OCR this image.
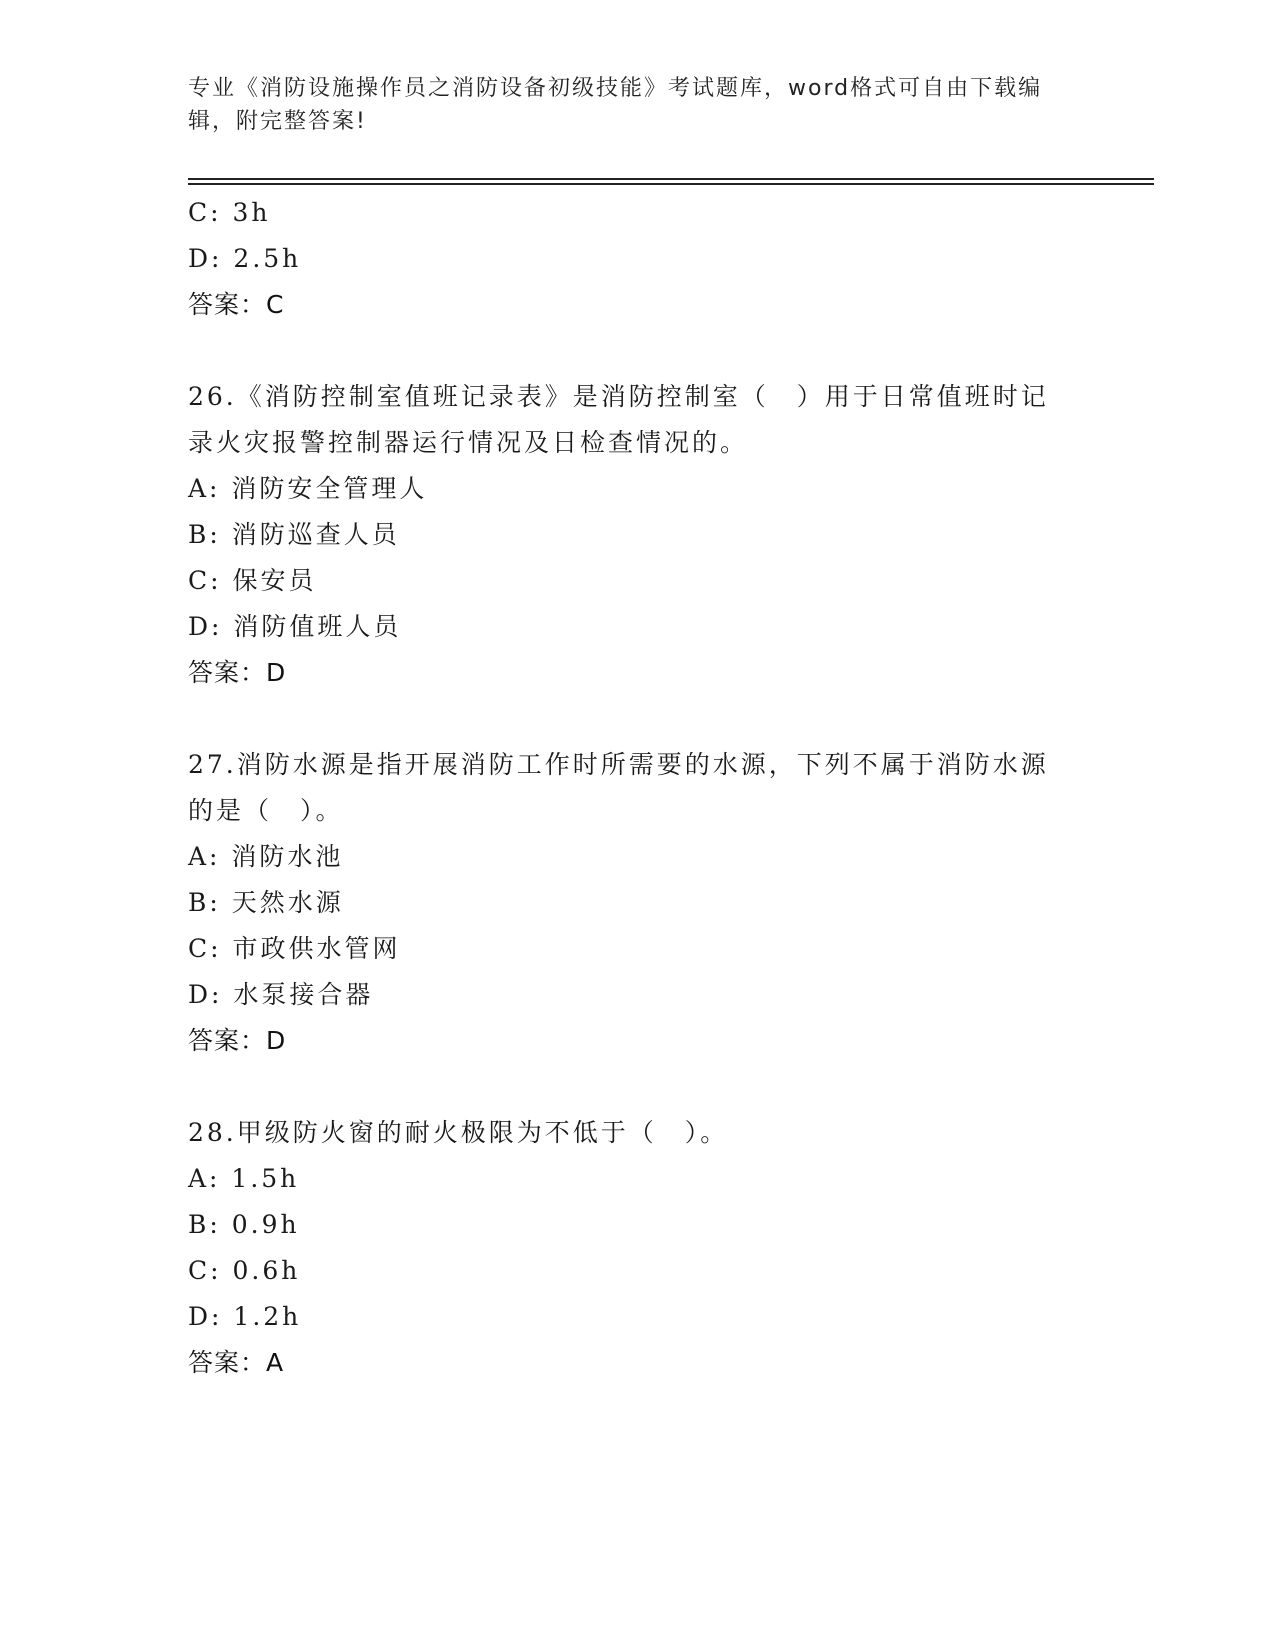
专业《消防设施操作员之消防设备初级技能》考试题库，word格式可自由下载编
辑，附完整答案!
C: 3h
D: 2.5h
答案：C
26.《消防控制室值班记录表》是消防控制室（　）用于日常值班时记
录火灾报警控制器运行情况及日检查情况的。
A: 消防安全管理人
B: 消防巡查人员
C: 保安员
D: 消防值班人员
答案：D
27.消防水源是指开展消防工作时所需要的水源，下列不属于消防水源
的是（　）。
A: 消防水池
B: 天然水源
C: 市政供水管网
D: 水泵接合器
答案：D
28.甲级防火窗的耐火极限为不低于（　）。
A: 1.5h
B: 0.9h
C: 0.6h
D: 1.2h
答案：A
